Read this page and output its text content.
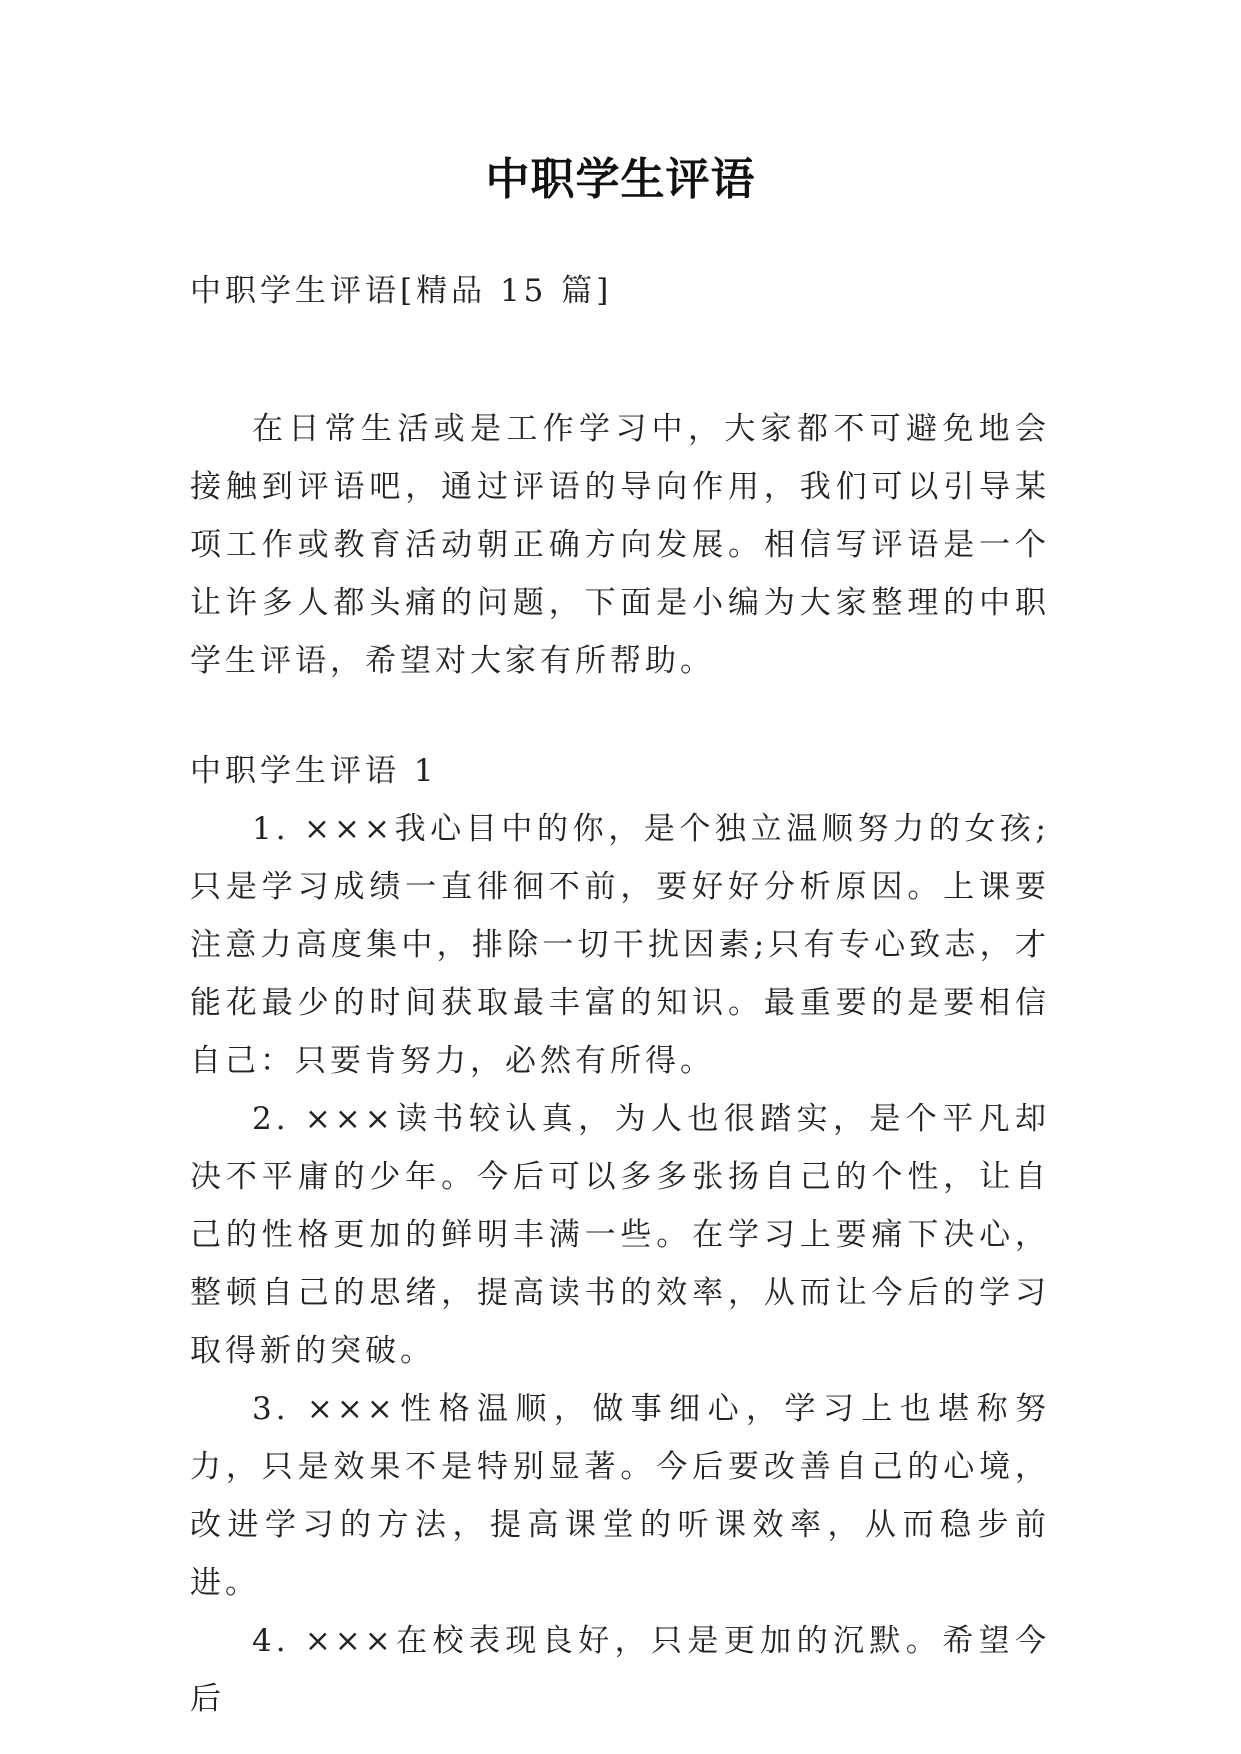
中职学生评语

中职学生评语[精品 15 篇]

在日常生活或是工作学习中，大家都不可避免地会接触到评语吧，通过评语的导向作用，我们可以引导某项工作或教育活动朝正确方向发展。相信写评语是一个让许多人都头痛的问题，下面是小编为大家整理的中职学生评语，希望对大家有所帮助。

中职学生评语 1

1. ×××我心目中的你，是个独立温顺努力的女孩;只是学习成绩一直徘徊不前，要好好分析原因。上课要注意力高度集中，排除一切干扰因素;只有专心致志，才能花最少的时间获取最丰富的知识。最重要的是要相信自己：只要肯努力，必然有所得。

2. ×××读书较认真，为人也很踏实，是个平凡却决不平庸的少年。今后可以多多张扬自己的个性，让自己的性格更加的鲜明丰满一些。在学习上要痛下决心，整顿自己的思绪，提高读书的效率，从而让今后的学习取得新的突破。

3. ×××性格温顺，做事细心，学习上也堪称努力，只是效果不是特别显著。今后要改善自己的心境，改进学习的方法，提高课堂的听课效率，从而稳步前进。

4. ×××在校表现良好，只是更加的沉默。希望今后
